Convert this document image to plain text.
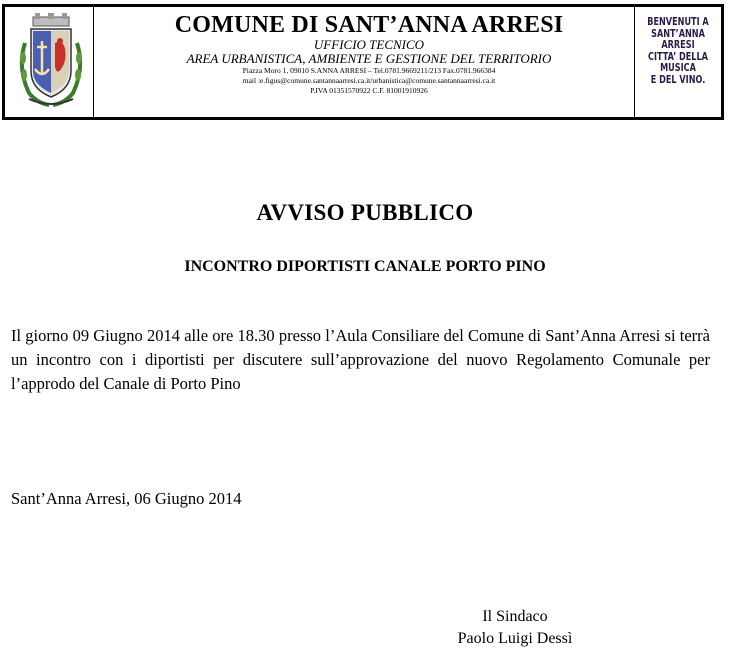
COMUNE DI SANT’ANNA ARRESI
UFFICIO TECNICO
AREA URBANISTICA, AMBIENTE E GESTIONE DEL TERRITORIO
Piazza Moro 1, 09010 S.ANNA ARRESI – Tel.0781.9669211/213 Fax.0781.966384
mail :e.figus@comune.santannaarresi.ca.it/urbanistica@comune.santannaarresi.ca.it
P.IVA 01351570922 C.F. 81001910926
BENVENUTI A
SANT’ANNA
ARRESI
CITTA’ DELLA
MUSICA
E DEL VINO.
AVVISO PUBBLICO
INCONTRO DIPORTISTI CANALE PORTO PINO
Il giorno 09 Giugno 2014 alle ore 18.30 presso l’Aula Consiliare del Comune di Sant’Anna Arresi si terrà un incontro con i diportisti per discutere sull’approvazione del nuovo Regolamento Comunale per l’approdo del Canale di Porto Pino
Sant’Anna Arresi, 06 Giugno 2014
Il Sindaco
Paolo Luigi Dessì
